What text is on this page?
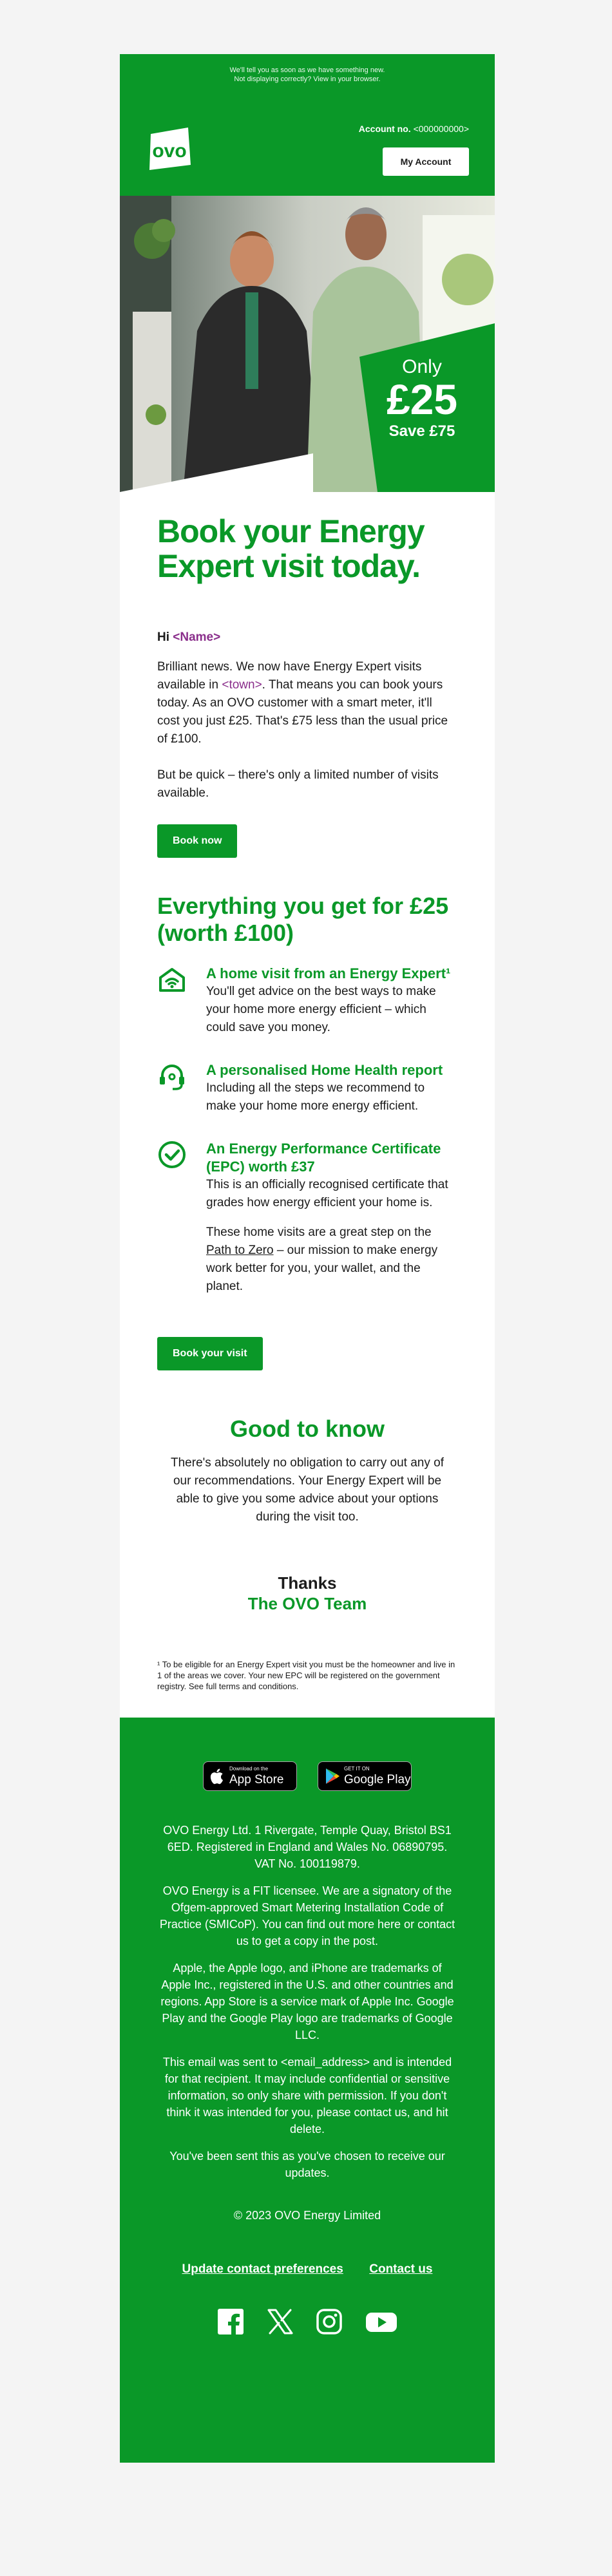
We'll tell you as soon as we have something new.
Not displaying correctly? View in your browser.
ovo
Account no. <000000000>
My Account
Only
£25
Save £75
Book your Energy Expert visit today.

Hi <Name>

Brilliant news. We now have Energy Expert visits available in <town>. That means you can book yours today. As an OVO customer with a smart meter, it'll cost you just £25. That's £75 less than the usual price of £100.

But be quick – there's only a limited number of visits available.

Book now
Everything you get for £25 (worth £100)

A home visit from an Energy Expert¹

You'll get advice on the best ways to make your home more energy efficient – which could save you money.

A personalised Home Health report

Including all the steps we recommend to make your home more energy efficient.

An Energy Performance Certificate (EPC) worth £37

This is an officially recognised certificate that grades how energy efficient your home is.

These home visits are a great step on the Path to Zero – our mission to make energy work better for you, your wallet, and the planet.

Book your visit
Good to know

There's absolutely no obligation to carry out any of our recommendations. Your Energy Expert will be able to give you some advice about your options during the visit too.

Thanks

The OVO Team

¹ To be eligible for an Energy Expert visit you must be the homeowner and live in 1 of the areas we cover. Your new EPC will be registered on the government registry. See full terms and conditions.

Download on the
App Store
GET IT ON
Google Play

OVO Energy Ltd. 1 Rivergate, Temple Quay, Bristol BS1 6ED. Registered in England and Wales No. 06890795. VAT No. 100119879.

OVO Energy is a FIT licensee. We are a signatory of the Ofgem-approved Smart Metering Installation Code of Practice (SMICoP). You can find out more here or contact us to get a copy in the post.

Apple, the Apple logo, and iPhone are trademarks of Apple Inc., registered in the U.S. and other countries and regions. App Store is a service mark of Apple Inc. Google Play and the Google Play logo are trademarks of Google LLC.

This email was sent to <email_address> and is intended for that recipient. It may include confidential or sensitive information, so only share with permission. If you don't think it was intended for you, please contact us, and hit delete.

You've been sent this as you've chosen to receive our updates.

© 2023 OVO Energy Limited

Update contact preferences Contact us
